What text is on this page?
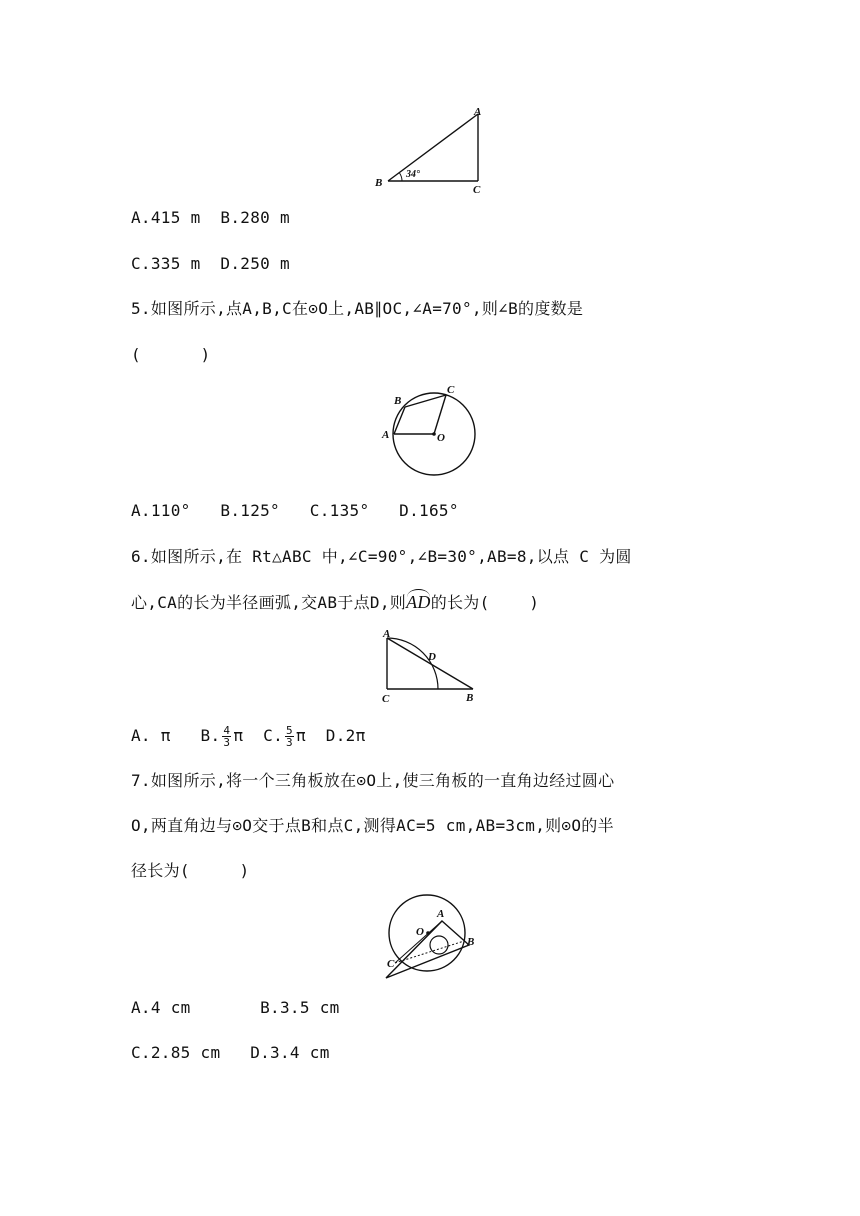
A
B
C
34°
A.415 m  B.280 m
C.335 m  D.250 m
5.如图所示,点A,B,C在⊙O上,AB∥OC,∠A=70°,则∠B的度数是
(      )
A
B
C
O
A.110°   B.125°   C.135°   D.165°
6.如图所示,在 Rt△ABC 中,∠C=90°,∠B=30°,AB=8,以点 C 为圆
心,CA的长为半径画弧,交AB于点D,则AD的长为(    )
A
C	B
D
A. π   B. $\frac{4}{3}$ π  C. $\frac{5}{3}$ π  D.2π
7.如图所示,将一个三角板放在⊙O上,使三角板的一直角边经过圆心
O,两直角边与⊙O交于点B和点C,测得AC=5 cm,AB=3cm,则⊙O的半
径长为(     )
A
O
B
C
A.4 cm       B.3.5 cm
C.2.85 cm   D.3.4 cm
